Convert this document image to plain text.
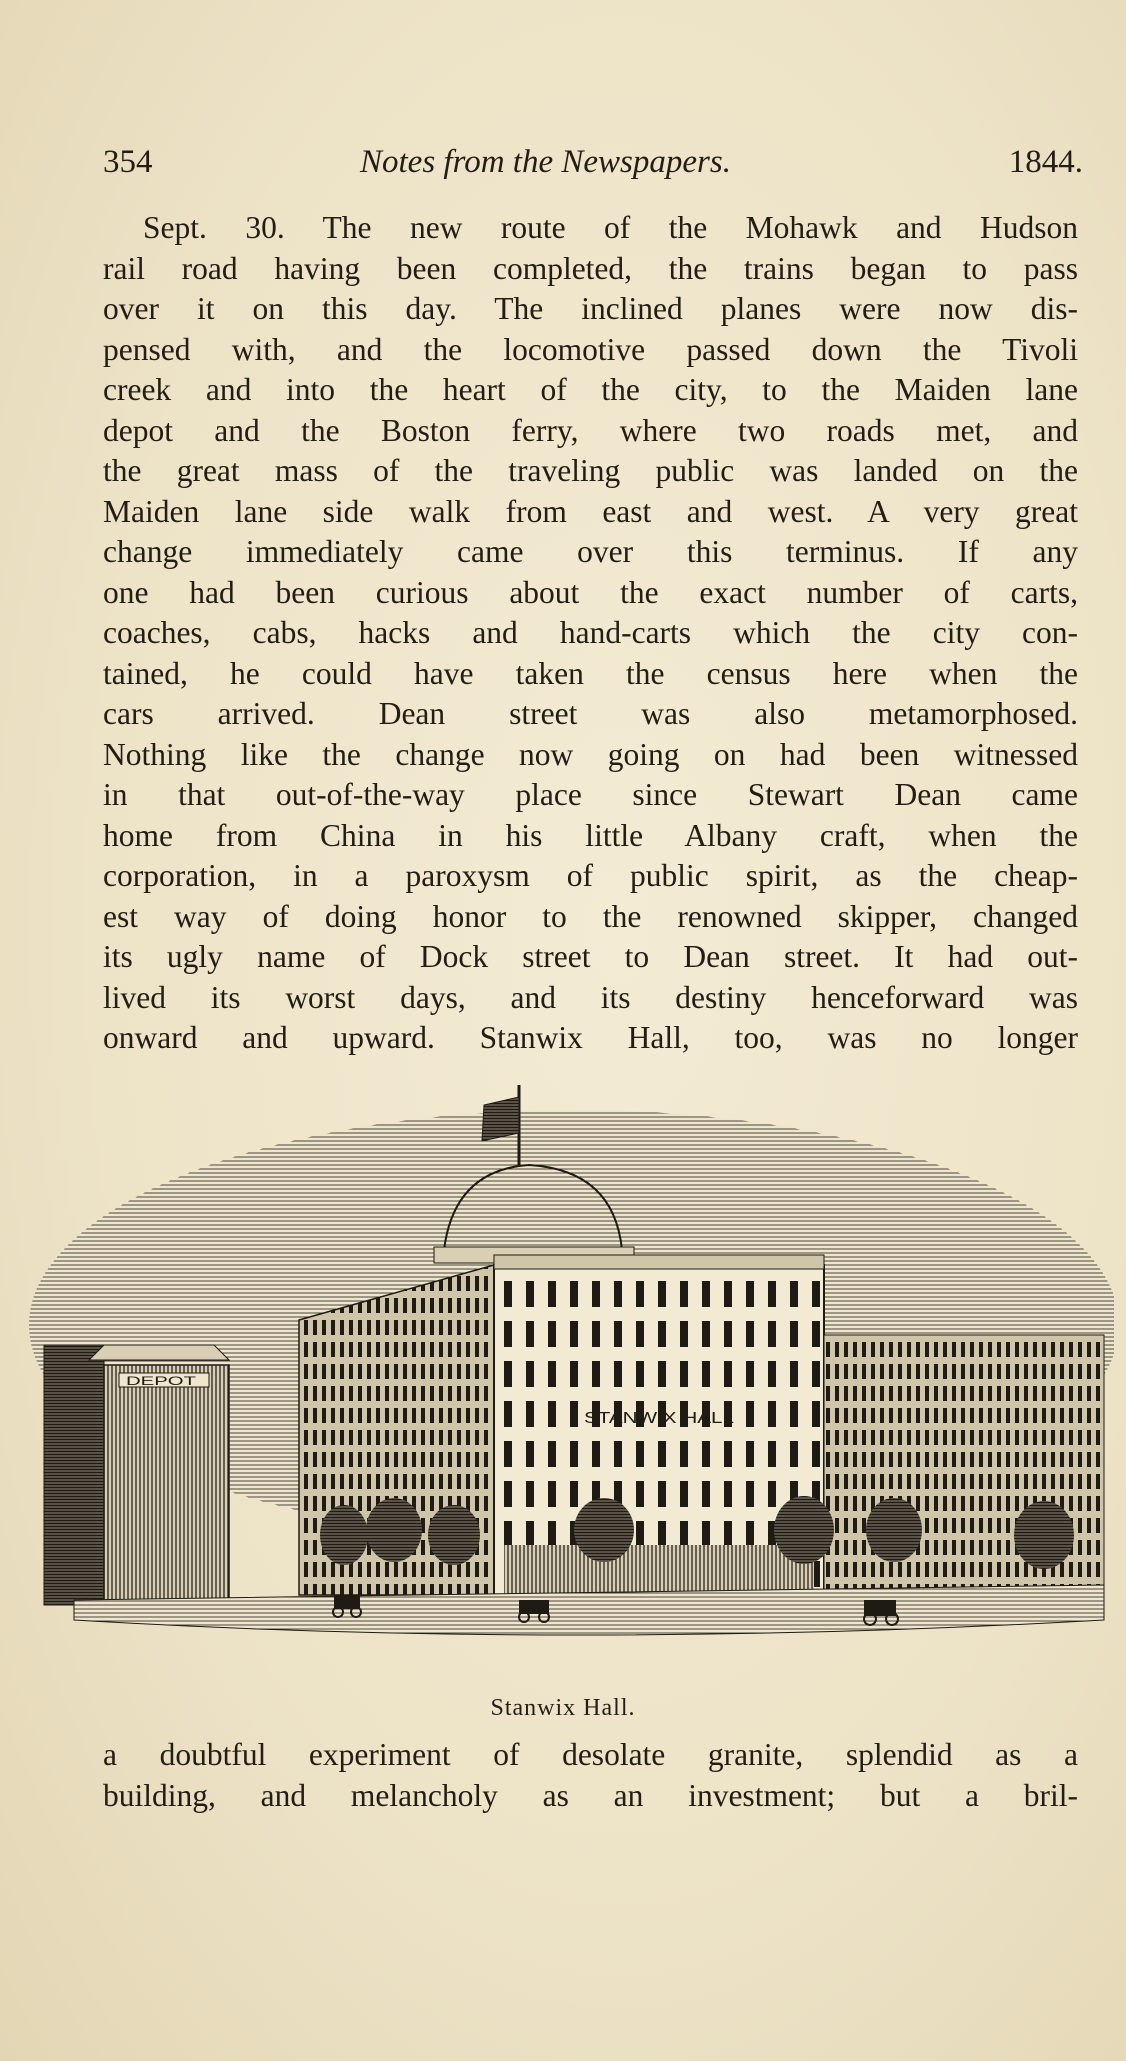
354	Notes from the Newspapers.	1844.
Sept. 30. The new route of the Mohawk and Hudson
rail road having been completed, the trains began to pass
over it on this day. The inclined planes were now dis-
pensed with, and the locomotive passed down the Tivoli
creek and into the heart of the city, to the Maiden lane
depot and the Boston ferry, where two roads met, and
the great mass of the traveling public was landed on the
Maiden lane side walk from east and west. A very great
change immediately came over this terminus. If any
one had been curious about the exact number of carts,
coaches, cabs, hacks and hand-carts which the city con-
tained, he could have taken the census here when the
cars arrived. Dean street was also metamorphosed.
Nothing like the change now going on had been witnessed
in that out-of-the-way place since Stewart Dean came
home from China in his little Albany craft, when the
corporation, in a paroxysm of public spirit, as the cheap-
est way of doing honor to the renowned skipper, changed
its ugly name of Dock street to Dean street. It had out-
lived its worst days, and its destiny henceforward was
onward and upward. Stanwix Hall, too, was no longer
STANWIX HALL
DEPOT
Stanwix Hall.
a doubtful experiment of desolate granite, splendid as a
building, and melancholy as an investment; but a bril-
